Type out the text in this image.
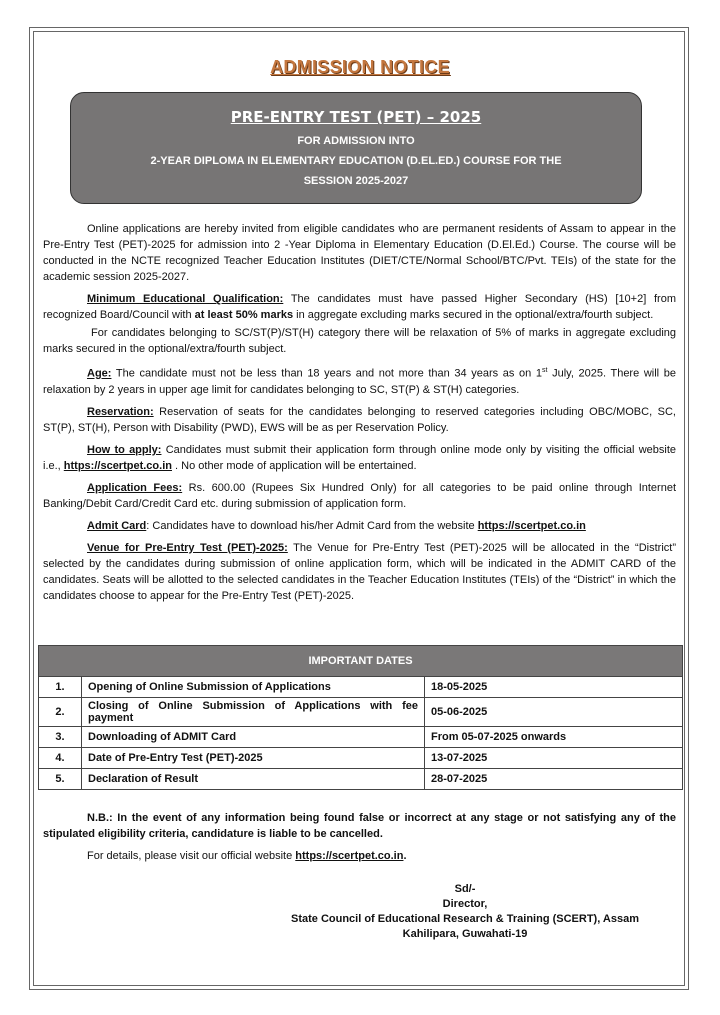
ADMISSION NOTICE
PRE-ENTRY TEST (PET) – 2025
FOR ADMISSION INTO
2-YEAR DIPLOMA IN ELEMENTARY EDUCATION (D.EL.ED.) COURSE FOR THE
SESSION 2025-2027

Online applications are hereby invited from eligible candidates who are permanent residents of Assam to appear in the Pre-Entry Test (PET)-2025 for admission into 2 -Year Diploma in Elementary Education (D.El.Ed.) Course. The course will be conducted in the NCTE recognized Teacher Education Institutes (DIET/CTE/Normal School/BTC/Pvt. TEIs) of the state for the academic session 2025-2027.

Minimum Educational Qualification: The candidates must have passed Higher Secondary (HS) [10+2] from recognized Board/Council with at least 50% marks in aggregate excluding marks secured in the optional/extra/fourth subject.

For candidates belonging to SC/ST(P)/ST(H) category there will be relaxation of 5% of marks in aggregate excluding marks secured in the optional/extra/fourth subject.

Age: The candidate must not be less than 18 years and not more than 34 years as on 1st July, 2025. There will be relaxation by 2 years in upper age limit for candidates belonging to SC, ST(P) & ST(H) categories.

Reservation: Reservation of seats for the candidates belonging to reserved categories including OBC/MOBC, SC, ST(P), ST(H), Person with Disability (PWD), EWS will be as per Reservation Policy.

How to apply: Candidates must submit their application form through online mode only by visiting the official website i.e., https://scertpet.co.in . No other mode of application will be entertained.

Application Fees: Rs. 600.00 (Rupees Six Hundred Only) for all categories to be paid online through Internet Banking/Debit Card/Credit Card etc. during submission of application form.

Admit Card: Candidates have to download his/her Admit Card from the website https://scertpet.co.in

Venue for Pre-Entry Test (PET)-2025: The Venue for Pre-Entry Test (PET)-2025 will be allocated in the “District” selected by the candidates during submission of online application form, which will be indicated in the ADMIT CARD of the candidates. Seats will be allotted to the selected candidates in the Teacher Education Institutes (TEIs) of the “District” in which the candidates choose to appear for the Pre-Entry Test (PET)-2025.

IMPORTANT DATES		
1.	Opening of Online Submission of Applications	18-05-2025
2.	Closing of Online Submission of Applications with fee payment	05-06-2025
3.	Downloading of ADMIT Card	From 05-07-2025 onwards
4.	Date of Pre-Entry Test (PET)-2025	13-07-2025
5.	Declaration of Result	28-07-2025

N.B.: In the event of any information being found false or incorrect at any stage or not satisfying any of the stipulated eligibility criteria, candidature is liable to be cancelled.

For details, please visit our official website https://scertpet.co.in.

Sd/-
Director,
State Council of Educational Research & Training (SCERT), Assam
Kahilipara, Guwahati-19
